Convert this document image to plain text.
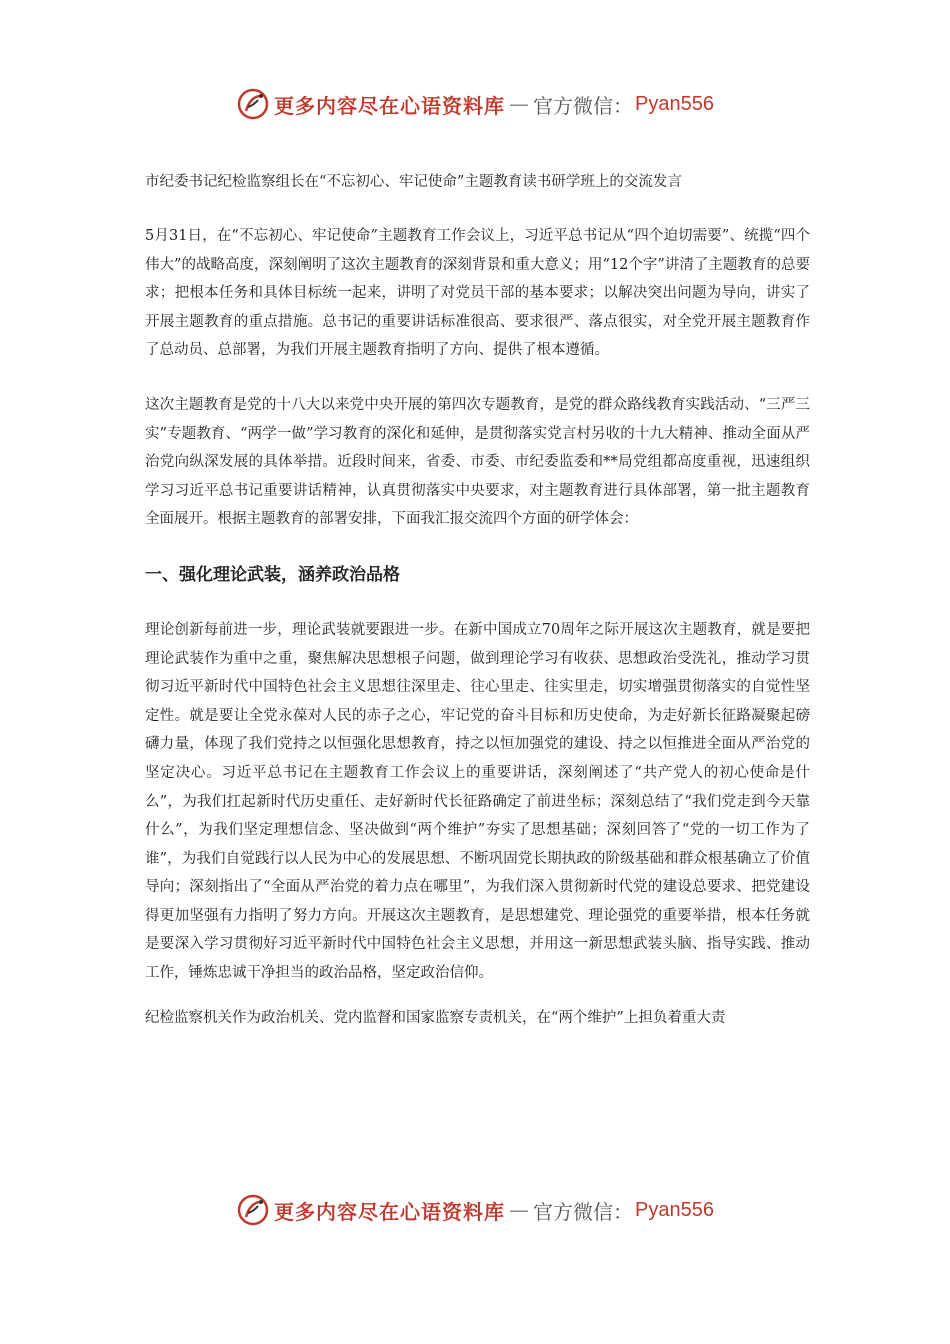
更多内容尽在心语资料库 — 官方微信： Pyan556
市纪委书记纪检监察组长在“不忘初心、牢记使命”主题教育读书研学班上的交流发言

5月31日，在“不忘初心、牢记使命”主题教育工作会议上，习近平总书记从“四个迫切需要”、统揽“四个伟大”的战略高度，深刻阐明了这次主题教育的深刻背景和重大意义；用“12个字”讲清了主题教育的总要求；把根本任务和具体目标统一起来，讲明了对党员干部的基本要求；以解决突出问题为导向，讲实了开展主题教育的重点措施。总书记的重要讲话标准很高、要求很严、落点很实，对全党开展主题教育作了总动员、总部署，为我们开展主题教育指明了方向、提供了根本遵循。

这次主题教育是党的十八大以来党中央开展的第四次专题教育，是党的群众路线教育实践活动、“三严三实”专题教育、“两学一做”学习教育的深化和延伸，是贯彻落实党言村另收的十九大精神、推动全面从严治党向纵深发展的具体举措。近段时间来，省委、市委、市纪委监委和**局党组都高度重视，迅速组织学习习近平总书记重要讲话精神，认真贯彻落实中央要求，对主题教育进行具体部署，第一批主题教育全面展开。根据主题教育的部署安排，下面我汇报交流四个方面的研学体会：

一、强化理论武装，涵养政治品格

理论创新每前进一步，理论武装就要跟进一步。在新中国成立70周年之际开展这次主题教育，就是要把理论武装作为重中之重，聚焦解决思想根子问题，做到理论学习有收获、思想政治受洗礼，推动学习贯彻习近平新时代中国特色社会主义思想往深里走、往心里走、往实里走，切实增强贯彻落实的自觉性坚定性。就是要让全党永葆对人民的赤子之心，牢记党的奋斗目标和历史使命，为走好新长征路凝聚起磅礴力量，体现了我们党持之以恒强化思想教育，持之以恒加强党的建设、持之以恒推进全面从严治党的坚定决心。习近平总书记在主题教育工作会议上的重要讲话，深刻阐述了“共产党人的初心使命是什么”，为我们扛起新时代历史重任、走好新时代长征路确定了前进坐标；深刻总结了“我们党走到今天靠什么”，为我们坚定理想信念、坚决做到“两个维护”夯实了思想基础；深刻回答了“党的一切工作为了谁”，为我们自觉践行以人民为中心的发展思想、不断巩固党长期执政的阶级基础和群众根基确立了价值导向；深刻指出了“全面从严治党的着力点在哪里”，为我们深入贯彻新时代党的建设总要求、把党建设得更加坚强有力指明了努力方向。开展这次主题教育，是思想建党、理论强党的重要举措，根本任务就是要深入学习贯彻好习近平新时代中国特色社会主义思想，并用这一新思想武装头脑、指导实践、推动工作，锤炼忠诚干净担当的政治品格，坚定政治信仰。

纪检监察机关作为政治机关、党内监督和国家监察专责机关，在“两个维护”上担负着重大责

更多内容尽在心语资料库 — 官方微信： Pyan556
